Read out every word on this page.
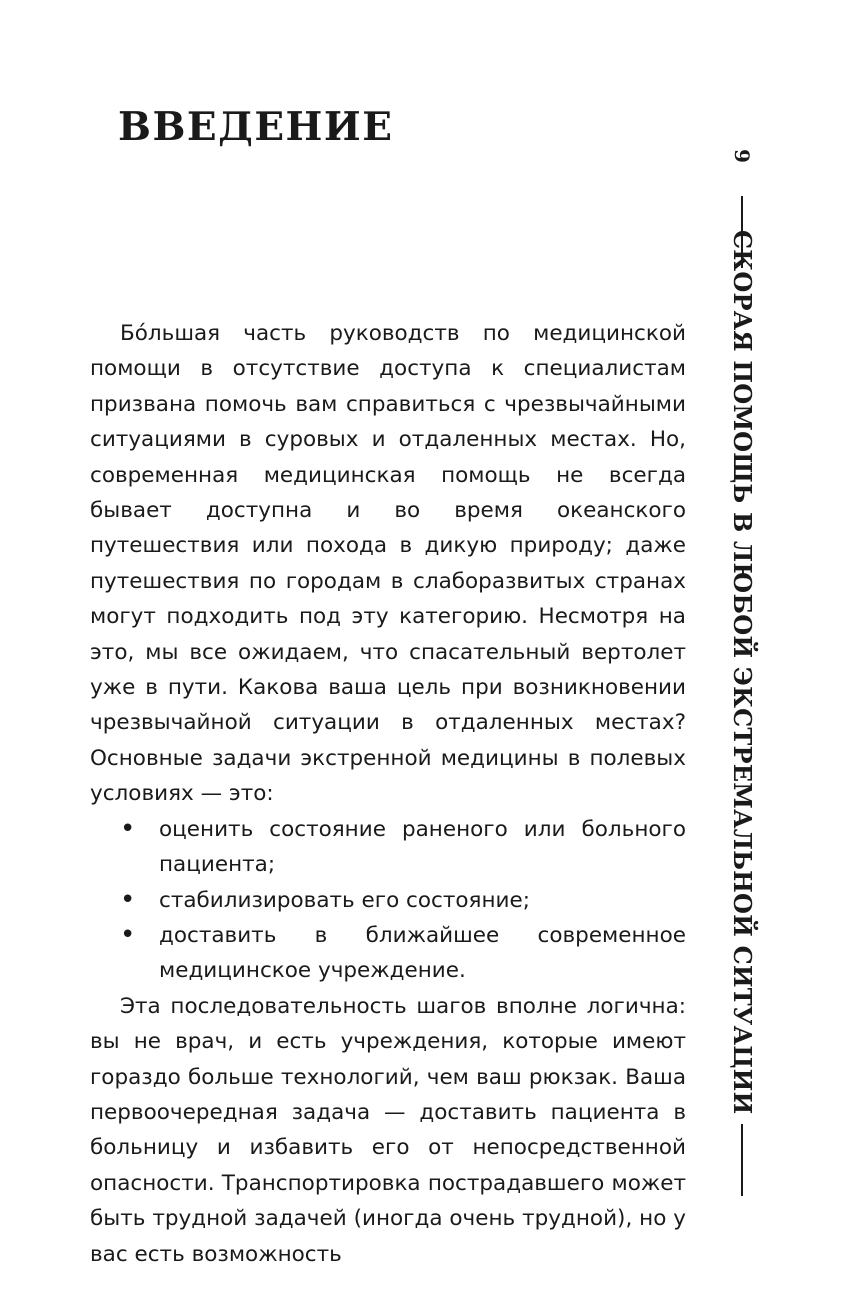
ВВЕДЕНИЕ

Бóльшая часть руководств по медицинской помощи в отсутствие доступа к специалистам призвана помочь вам справиться с чрезвычайными ситуациями в суровых и отдаленных местах. Но, современная медицинская помощь не всегда бывает доступна и во время океанского путешествия или похода в дикую природу; даже путешествия по городам в слаборазвитых странах могут подходить под эту категорию. Несмотря на это, мы все ожидаем, что спасательный вертолет уже в пути. Какова ваша цель при возникновении чрезвычайной ситуации в отдаленных местах? Основные задачи экстренной медицины в полевых условиях — это:

• оценить состояние раненого или больного пациента;
• стабилизировать его состояние;
• доставить в ближайшее современное медицинское учреждение.

Эта последовательность шагов вполне логична: вы не врач, и есть учреждения, которые имеют гораздо больше технологий, чем ваш рюкзак. Ваша первоочередная задача — доставить пациента в больницу и избавить его от непосредственной опасности. Транспортировка пострадавшего может быть трудной задачей (иногда очень трудной), но у вас есть возможность

9
СКОРАЯ ПОМОЩЬ В ЛЮБОЙ ЭКСТРЕМАЛЬНОЙ СИТУАЦИИ
